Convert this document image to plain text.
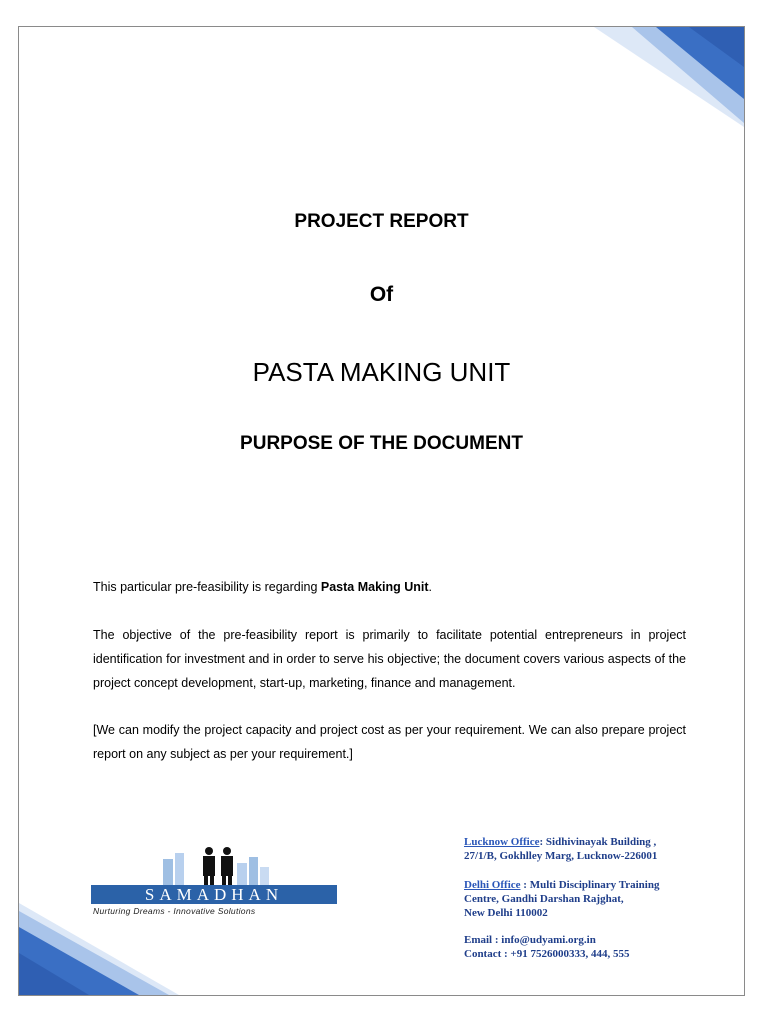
PROJECT REPORT
Of
PASTA MAKING UNIT
PURPOSE OF THE DOCUMENT
This particular pre-feasibility is regarding Pasta Making Unit.
The objective of the pre-feasibility report is primarily to facilitate potential entrepreneurs in project identification for investment and in order to serve his objective; the document covers various aspects of the project concept development, start-up, marketing, finance and management.
[We can modify the project capacity and project cost as per your requirement. We can also prepare project report on any subject as per your requirement.]
SAMADHAN
Nurturing Dreams - Innovative Solutions
Lucknow Office: Sidhivinayak Building ,
27/1/B, Gokhlley Marg, Lucknow-226001
Delhi Office : Multi Disciplinary Training
Centre, Gandhi Darshan Rajghat,
New Delhi 110002
Email : info@udyami.org.in
Contact : +91 7526000333, 444, 555
